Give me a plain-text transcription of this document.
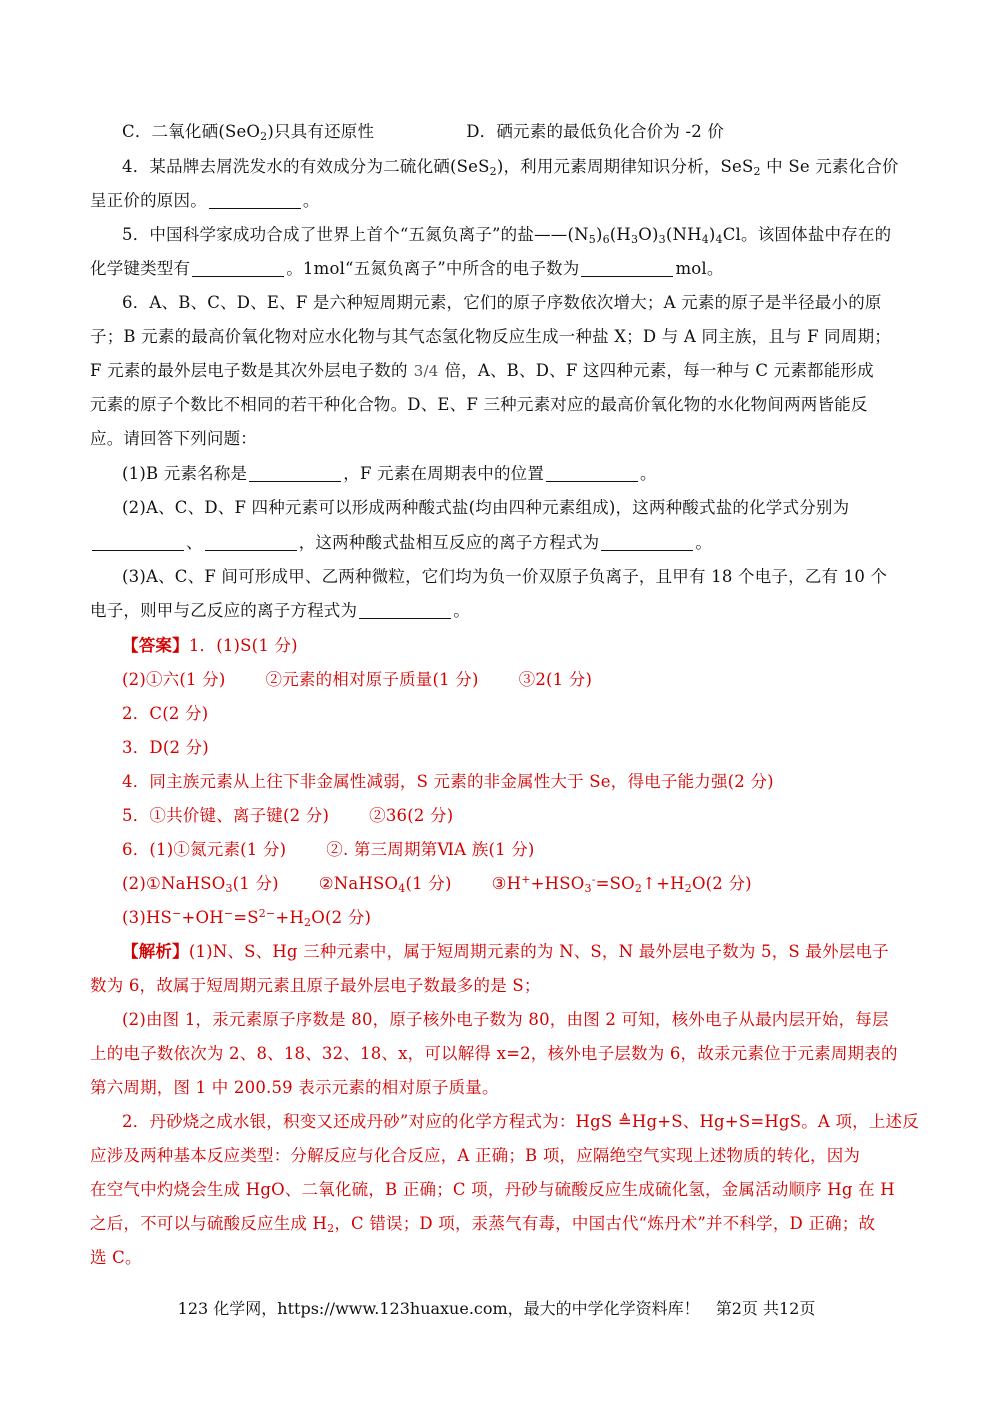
C．二氧化硒(SeO$_2$)只具有还原性	D．硒元素的最低负化合价为 -2 价
4．某品牌去屑洗发水的有效成分为二硫化硒(SeS$_2$)，利用元素周期律知识分析，SeS$_2$ 中 Se 元素化合价
呈正价的原因。	。
5．中国科学家成功合成了世界上首个“五氮负离子”的盐$——(N_5)_6(H_3O)_3(NH_4)_4Cl$。该固体盐中存在的
化学键类型有	。1mol“五氮负离子”中所含的电子数为	mol。
6．A、B、C、D、E、F 是六种短周期元素，它们的原子序数依次增大；A 元素的原子是半径最小的原
子；B 元素的最高价氧化物对应水化物与其气态氢化物反应生成一种盐 X；D 与 A 同主族，且与 F 同周期；
F 元素的最外层电子数是其次外层电子数的 3/4 倍，A、B、D、F 这四种元素，每一种与 C 元素都能形成
元素的原子个数比不相同的若干种化合物。D、E、F 三种元素对应的最高价氧化物的水化物间两两皆能反
应。请回答下列问题：
(1)B 元素名称是	，F 元素在周期表中的位置	。
(2)A、C、D、F 四种元素可以形成两种酸式盐(均由四种元素组成)，这两种酸式盐的化学式分别为
、	，这两种酸式盐相互反应的离子方程式为	。
(3)A、C、F 间可形成甲、乙两种微粒，它们均为负一价双原子负离子，且甲有 18 个电子，乙有 10 个
电子，则甲与乙反应的离子方程式为	。
【答案】1．(1)S(1 分)
(2)①六(1 分) ②元素的相对原子质量(1 分) ③2(1 分)
2．C(2 分)
3．D(2 分)
4．同主族元素从上往下非金属性减弱，S 元素的非金属性大于 Se，得电子能力强(2 分)
5．①共价键、离子键(2 分) ②36(2 分)
6．(1)①氮元素(1 分) ②. 第三周期第ⅥA 族(1 分)
(2)①NaHSO$_3$(1 分) ②NaHSO$_4$(1 分) $③H^++HSO_3^-=SO_2↑+H_2O(2$ 分)
$(3)HS^-+OH^-=S^{2-}+H_2O(2$ 分)
【解析】(1)N、S、Hg 三种元素中，属于短周期元素的为 N、S，N 最外层电子数为 5，S 最外层电子
数为 6，故属于短周期元素且原子最外层电子数最多的是 S；
(2)由图 1，汞元素原子序数是 80，原子核外电子数为 80，由图 2 可知，核外电子从最内层开始，每层
上的电子数依次为 2、8、18、32、18、x，可以解得 x=2，核外电子层数为 6，故汞元素位于元素周期表的
第六周期，图 1 中 200.59 表示元素的相对原子质量。
2．丹砂烧之成水银，积变又还成丹砂”对应的化学方程式为：HgS ≜Hg+S、Hg+S=HgS。A 项，上述反
应涉及两种基本反应类型：分解反应与化合反应，A 正确；B 项，应隔绝空气实现上述物质的转化，因为
在空气中灼烧会生成 HgO、二氧化硫，B 正确；C 项，丹砂与硫酸反应生成硫化氢，金属活动顺序 Hg 在 H
之后，不可以与硫酸反应生成 $H_2$，C 错误；D 项，汞蒸气有毒，中国古代“炼丹术”并不科学，D 正确；故
选 C。
123 化学网，https://www.123huaxue.com，最大的中学化学资料库！ 第2页 共12页
